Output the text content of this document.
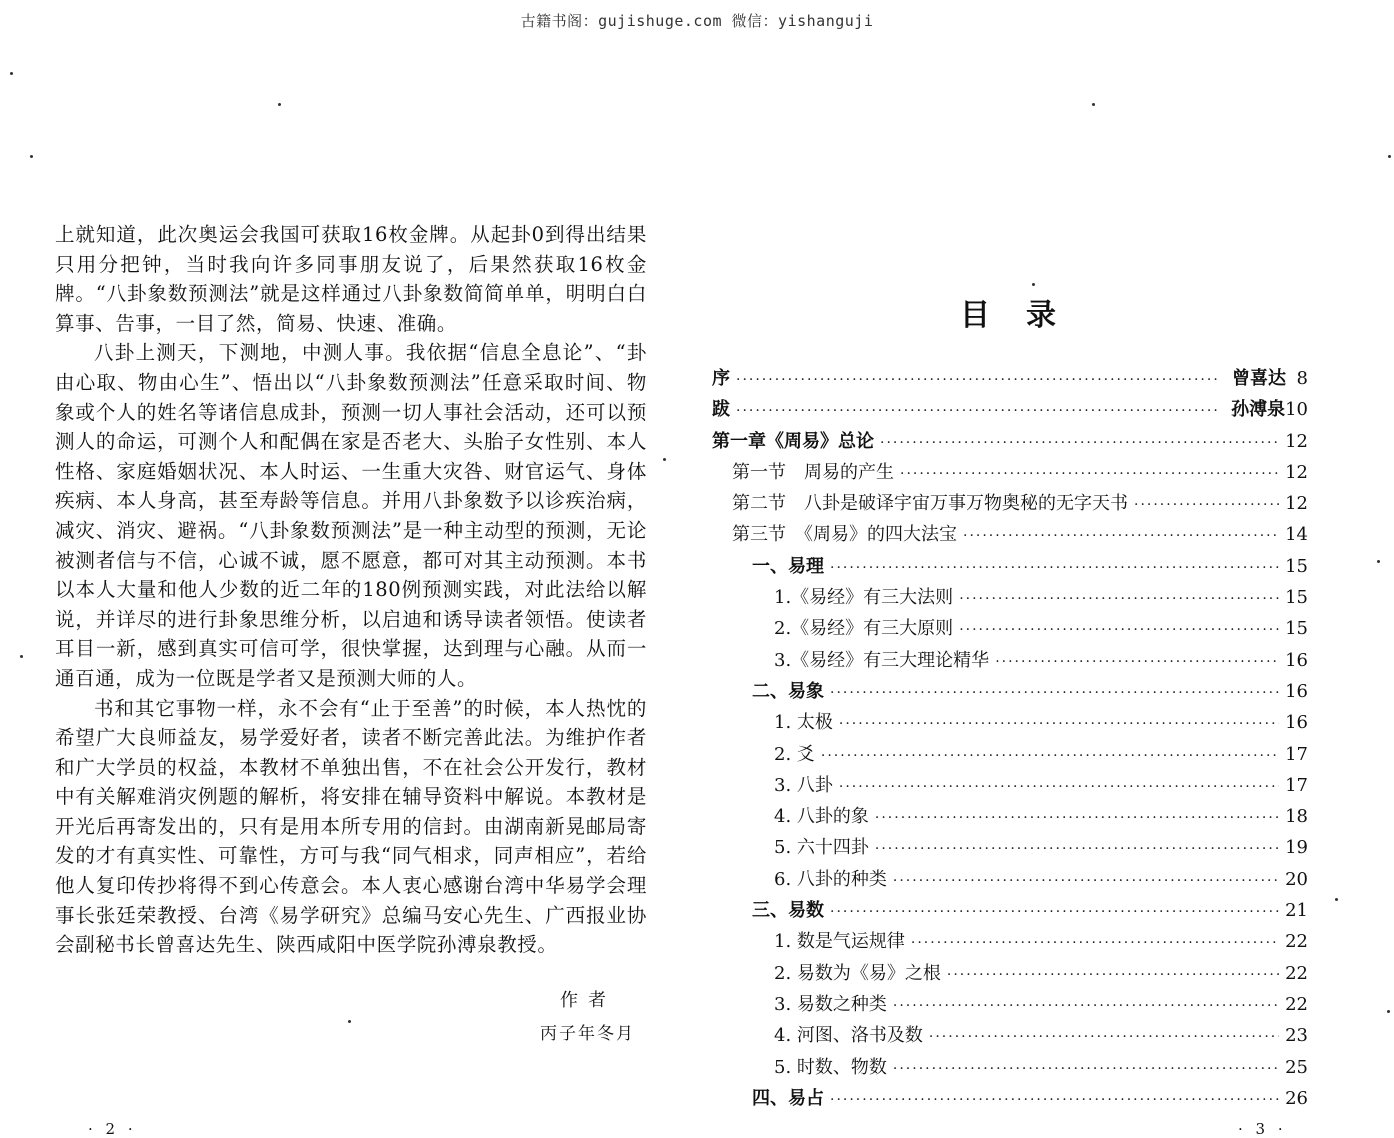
古籍书阁：gujishuge.com 微信：yishanguji

上就知道，此次奥运会我国可获取16枚金牌。从起卦0到得出结果只用分把钟，当时我向许多同事朋友说了，后果然获取16枚金牌。“八卦象数预测法”就是这样通过八卦象数简简单单，明明白白算事、告事，一目了然，简易、快速、准确。

八卦上测天，下测地，中测人事。我依据“信息全息论”、“卦由心取、物由心生”、悟出以“八卦象数预测法”任意采取时间、物象或个人的姓名等诸信息成卦，预测一切人事社会活动，还可以预测人的命运，可测个人和配偶在家是否老大、头胎子女性别、本人性格、家庭婚姻状况、本人时运、一生重大灾咎、财官运气、身体疾病、本人身高，甚至寿龄等信息。并用八卦象数予以诊疾治病，减灾、消灾、避祸。“八卦象数预测法”是一种主动型的预测，无论被测者信与不信，心诚不诚，愿不愿意，都可对其主动预测。本书以本人大量和他人少数的近二年的180例预测实践，对此法给以解说，并详尽的进行卦象思维分析，以启迪和诱导读者领悟。使读者耳目一新，感到真实可信可学，很快掌握，达到理与心融。从而一通百通，成为一位既是学者又是预测大师的人。

书和其它事物一样，永不会有“止于至善”的时候，本人热忱的希望广大良师益友，易学爱好者，读者不断完善此法。为维护作者和广大学员的权益，本教材不单独出售，不在社会公开发行，教材中有关解难消灾例题的解析，将安排在辅导资料中解说。本教材是开光后再寄发出的，只有是用本所专用的信封。由湖南新晃邮局寄发的才有真实性、可靠性，方可与我“同气相求，同声相应”，若给他人复印传抄将得不到心传意会。本人衷心感谢台湾中华易学会理事长张廷荣教授、台湾《易学研究》总编马安心先生、广西报业协会副秘书长曾喜达先生、陕西咸阳中医学院孙溥泉教授。

作者
丙子年冬月
· 2 ·
目录
序 ·····	曾喜达 8
跋 ·····	孙溥泉 10
第一章《周易》总论 ·····	12
第一节　周易的产生 ·····	12
第二节　八卦是破译宇宙万事万物奥秘的无字天书 ·····	12
第三节　《周易》的四大法宝 ·····	14
一、易理 ·····	15
1.《易经》有三大法则 ·····	15
2.《易经》有三大原则 ·····	15
3.《易经》有三大理论精华 ·····	16
二、易象 ·····	16
1. 太极 ·····	16
2. 爻 ·····	17
3. 八卦 ·····	17
4. 八卦的象 ·····	18
5. 六十四卦 ·····	19
6. 八卦的种类 ·····	20
三、易数 ·····	21
1. 数是气运规律 ·····	22
2. 易数为《易》之根 ·····	22
3. 易数之种类 ·····	22
4. 河图、洛书及数 ·····	23
5. 时数、物数 ·····	25
四、易占 ·····	26
· 3 ·
